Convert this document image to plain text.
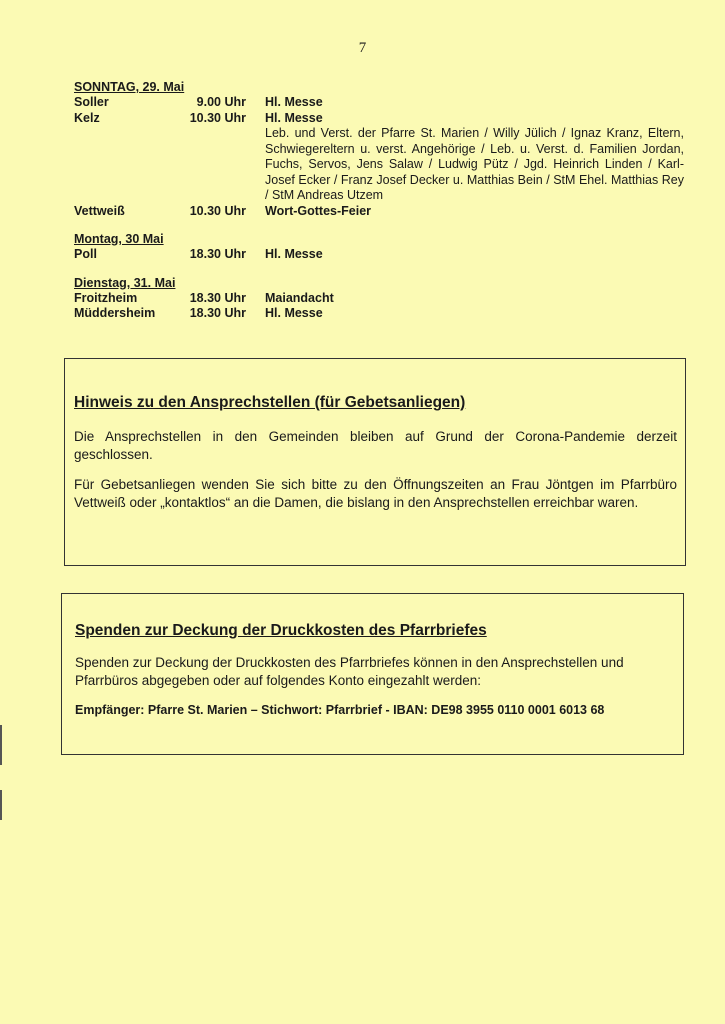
7
SONNTAG, 29. Mai
Soller	9.00 Uhr Hl. Messe
Kelz	10.30 Uhr Hl. Messe
Leb. und Verst. der Pfarre St. Marien / Willy Jülich / Ignaz Kranz, Eltern, Schwiegereltern u. verst. Angehörige / Leb. u. Verst. d. Familien Jordan, Fuchs, Servos, Jens Salaw / Ludwig Pütz / Jgd. Heinrich Linden / Karl-Josef Ecker / Franz Josef Decker u. Matthias Bein / StM Ehel. Matthias Rey / StM Andreas Utzem
Vettweiß	10.30 Uhr Wort-Gottes-Feier
Montag, 30 Mai
Poll	18.30 Uhr Hl. Messe
Dienstag, 31. Mai
Froitzheim	18.30 Uhr Maiandacht
Müddersheim	18.30 Uhr Hl. Messe
Hinweis zu den Ansprechstellen (für Gebetsanliegen)

Die Ansprechstellen in den Gemeinden bleiben auf Grund der Corona-Pandemie derzeit geschlossen.

Für Gebetsanliegen wenden Sie sich bitte zu den Öffnungszeiten an Frau Jöntgen im Pfarrbüro Vettweiß oder „kontaktlos“ an die Damen, die bislang in den Ansprechstellen erreichbar waren.

Spenden zur Deckung der Druckkosten des Pfarrbriefes

Spenden zur Deckung der Druckkosten des Pfarrbriefes können in den Ansprechstellen und Pfarrbüros abgegeben oder auf folgendes Konto eingezahlt werden:

Empfänger: Pfarre St. Marien – Stichwort: Pfarrbrief - IBAN: DE98 3955 0110 0001 6013 68
